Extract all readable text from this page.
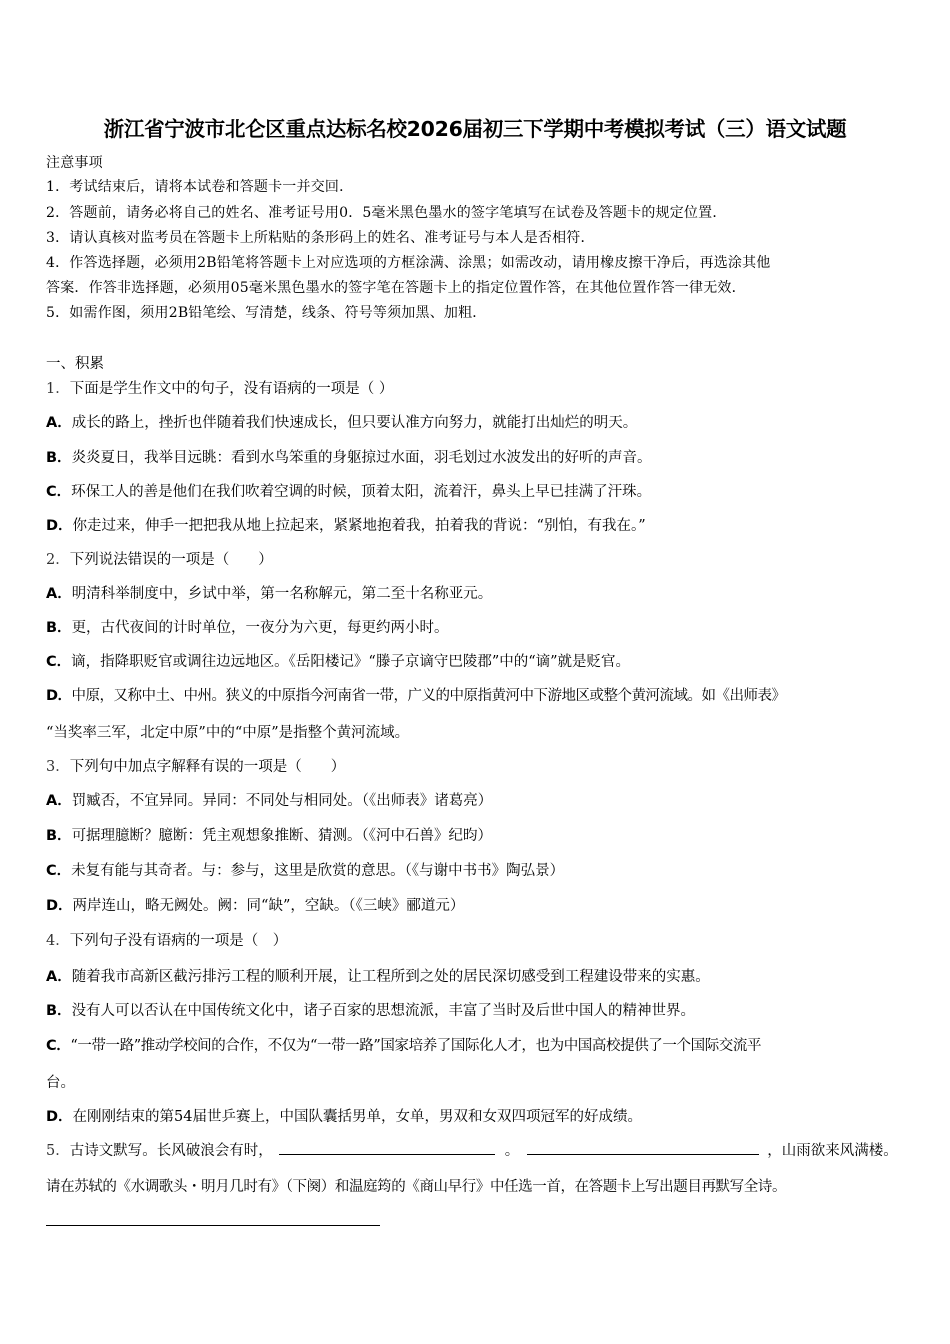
浙江省宁波市北仑区重点达标名校2026届初三下学期中考模拟考试（三）语文试题
注意事项
1．考试结束后，请将本试卷和答题卡一并交回．
2．答题前，请务必将自己的姓名、准考证号用0．5毫米黑色墨水的签字笔填写在试卷及答题卡的规定位置．
3．请认真核对监考员在答题卡上所粘贴的条形码上的姓名、准考证号与本人是否相符．
4．作答选择题，必须用2B铅笔将答题卡上对应选项的方框涂满、涂黑；如需改动，请用橡皮擦干净后，再选涂其他
答案．作答非选择题，必须用05毫米黑色墨水的签字笔在答题卡上的指定位置作答，在其他位置作答一律无效．
5．如需作图，须用2B铅笔绘、写清楚，线条、符号等须加黑、加粗．
一、积累
1．下面是学生作文中的句子，没有语病的一项是（ ）
A．成长的路上，挫折也伴随着我们快速成长，但只要认准方向努力，就能打出灿烂的明天。
B．炎炎夏日，我举目远眺：看到水鸟笨重的身躯掠过水面，羽毛划过水波发出的好听的声音。
C．环保工人的善是他们在我们吹着空调的时候，顶着太阳，流着汗，鼻头上早已挂满了汗珠。
D．你走过来，伸手一把把我从地上拉起来，紧紧地抱着我，拍着我的背说：“别怕，有我在。”
2．下列说法错误的一项是（　　）
A．明清科举制度中，乡试中举，第一名称解元，第二至十名称亚元。
B．更，古代夜间的计时单位，一夜分为六更，每更约两小时。
C．谪，指降职贬官或调往边远地区。《岳阳楼记》“滕子京谪守巴陵郡”中的“谪”就是贬官。
D．中原，又称中土、中州。狭义的中原指今河南省一带，广义的中原指黄河中下游地区或整个黄河流域。如《出师表》
“当奖率三军，北定中原”中的“中原”是指整个黄河流域。
3．下列句中加点字解释有误的一项是（　　）
A．罚臧否，不宜异同。异同：不同处与相同处。（《出师表》诸葛亮）
B．可据理臆断？臆断：凭主观想象推断、猜测。（《河中石兽》纪昀）
C．未复有能与其奇者。与：参与，这里是欣赏的意思。（《与谢中书书》陶弘景）
D．两岸连山，略无阙处。阙：同“缺”，空缺。（《三峡》郦道元）
4．下列句子没有语病的一项是（　）
A．随着我市高新区截污排污工程的顺利开展，让工程所到之处的居民深切感受到工程建设带来的实惠。
B．没有人可以否认在中国传统文化中，诸子百家的思想流派，丰富了当时及后世中国人的精神世界。
C．“一带一路”推动学校间的合作，不仅为“一带一路”国家培养了国际化人才，也为中国高校提供了一个国际交流平
台。
D．在刚刚结束的第54届世乒赛上，中国队囊括男单，女单，男双和女双四项冠军的好成绩。
5．古诗文默写。长风破浪会有时，	。	，山雨欲来风满楼。
请在苏轼的《水调歌头・明月几时有》（下阕）和温庭筠的《商山早行》中任选一首，在答题卡上写出题目再默写全诗。
